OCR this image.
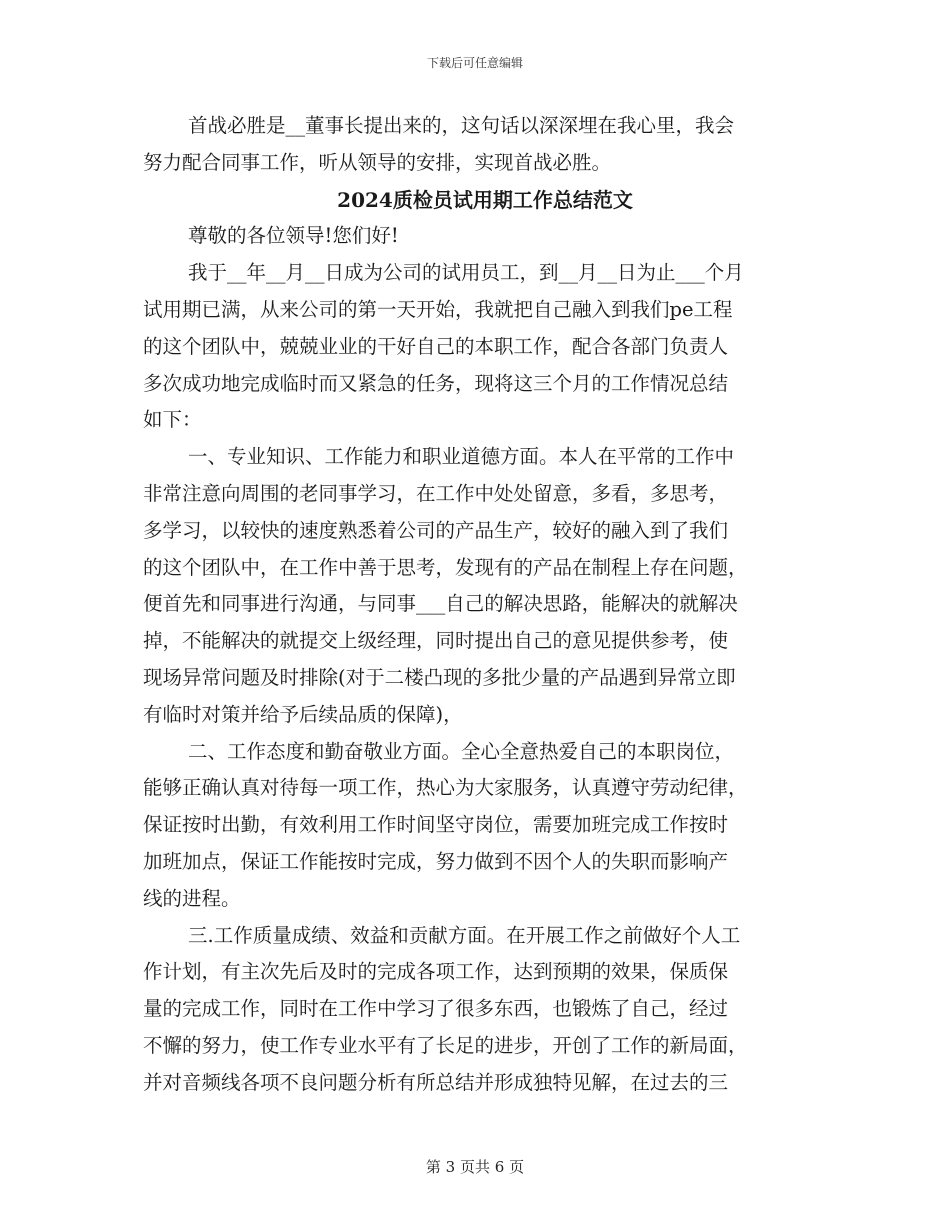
下载后可任意编辑
首战必胜是__董事长提出来的，这句话以深深埋在我心里，我会
努力配合同事工作，听从领导的安排，实现首战必胜。
2024质检员试用期工作总结范文
尊敬的各位领导!您们好!
我于__年__月__日成为公司的试用员工，到__月__日为止___个月
试用期已满，从来公司的第一天开始，我就把自己融入到我们pe工程
的这个团队中，兢兢业业的干好自己的本职工作，配合各部门负责人
多次成功地完成临时而又紧急的任务，现将这三个月的工作情况总结
如下：
一、专业知识、工作能力和职业道德方面。本人在平常的工作中
非常注意向周围的老同事学习，在工作中处处留意，多看，多思考，
多学习，以较快的速度熟悉着公司的产品生产，较好的融入到了我们
的这个团队中，在工作中善于思考，发现有的产品在制程上存在问题，
便首先和同事进行沟通，与同事___自己的解决思路，能解决的就解决
掉，不能解决的就提交上级经理，同时提出自己的意见提供参考，使
现场异常问题及时排除(对于二楼凸现的多批少量的产品遇到异常立即
有临时对策并给予后续品质的保障)，
二、工作态度和勤奋敬业方面。全心全意热爱自己的本职岗位，
能够正确认真对待每一项工作，热心为大家服务，认真遵守劳动纪律，
保证按时出勤，有效利用工作时间坚守岗位，需要加班完成工作按时
加班加点，保证工作能按时完成，努力做到不因个人的失职而影响产
线的进程。
三.工作质量成绩、效益和贡献方面。在开展工作之前做好个人工
作计划，有主次先后及时的完成各项工作，达到预期的效果，保质保
量的完成工作，同时在工作中学习了很多东西，也锻炼了自己，经过
不懈的努力，使工作专业水平有了长足的进步，开创了工作的新局面，
并对音频线各项不良问题分析有所总结并形成独特见解，在过去的三
第 3 页共 6 页
